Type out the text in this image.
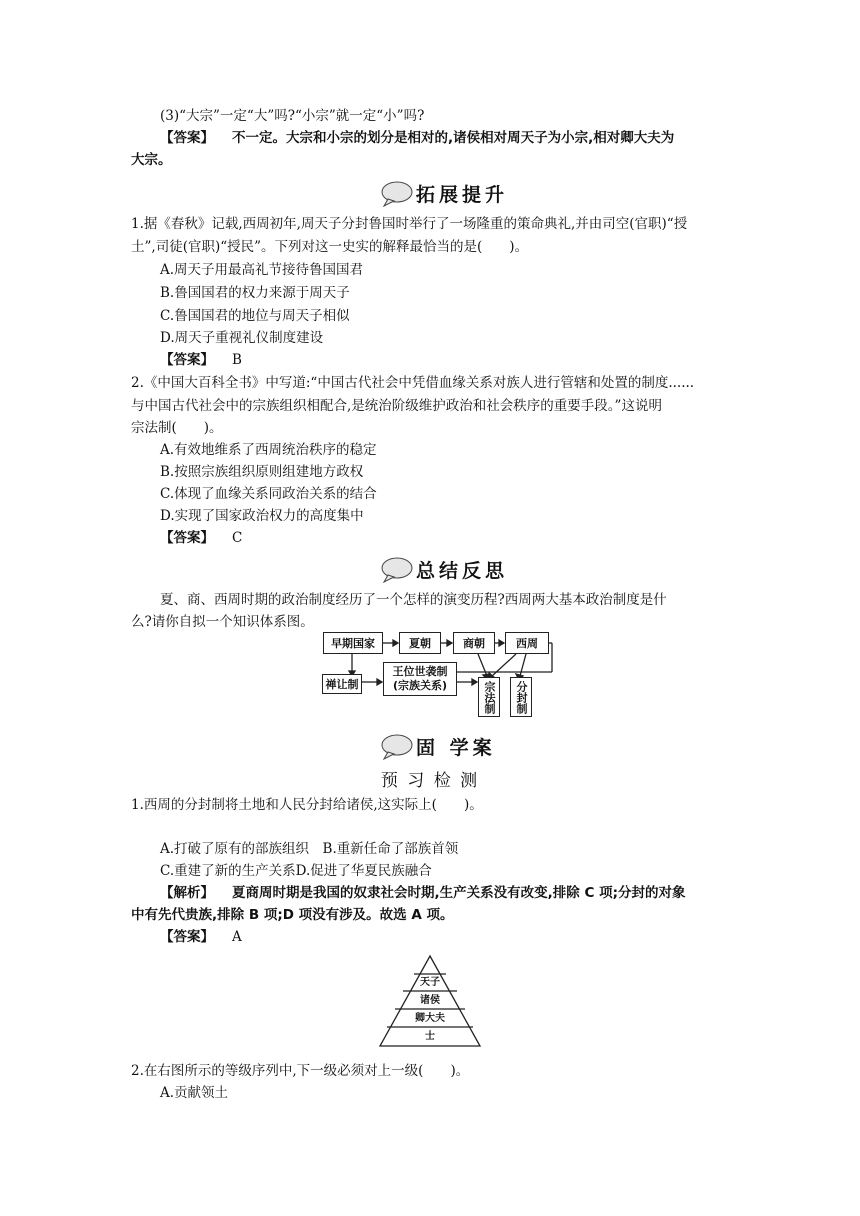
(3)“大宗”一定“大”吗?“小宗”就一定“小”吗?
【答案】 不一定。大宗和小宗的划分是相对的,诸侯相对周天子为小宗,相对卿大夫为
大宗。
拓展提升
1.据《春秋》记载,西周初年,周天子分封鲁国时举行了一场隆重的策命典礼,并由司空(官职)“授
土”,司徒(官职)“授民”。下列对这一史实的解释最恰当的是(　　)。
A.周天子用最高礼节接待鲁国国君
B.鲁国国君的权力来源于周天子
C.鲁国国君的地位与周天子相似
D.周天子重视礼仪制度建设
【答案】 B
2.《中国大百科全书》中写道:“中国古代社会中凭借血缘关系对族人进行管辖和处置的制度......
与中国古代社会中的宗族组织相配合,是统治阶级维护政治和社会秩序的重要手段。”这说明
宗法制(　　)。
A.有效地维系了西周统治秩序的稳定
B.按照宗族组织原则组建地方政权
C.体现了血缘关系同政治关系的结合
D.实现了国家政治权力的高度集中
【答案】 C
总结反思
夏、商、西周时期的政治制度经历了一个怎样的演变历程?西周两大基本政治制度是什
么?请你自拟一个知识体系图。
早期国家	夏朝	商朝	西周
禅让制
王位世袭制
(宗族关系)	宗法制	分封制
固 学案
预 习 检 测
1.西周的分封制将土地和人民分封给诸侯,这实际上(　　)。
A.打破了原有的部族组织　B.重新任命了部族首领
C.重建了新的生产关系D.促进了华夏民族融合
【解析】 夏商周时期是我国的奴隶社会时期,生产关系没有改变,排除 C 项;分封的对象
中有先代贵族,排除 B 项;D 项没有涉及。故选 A 项。
【答案】 A
天子
诸侯
卿大夫
士
2.在右图所示的等级序列中,下一级必须对上一级(　　)。
A.贡献领土
